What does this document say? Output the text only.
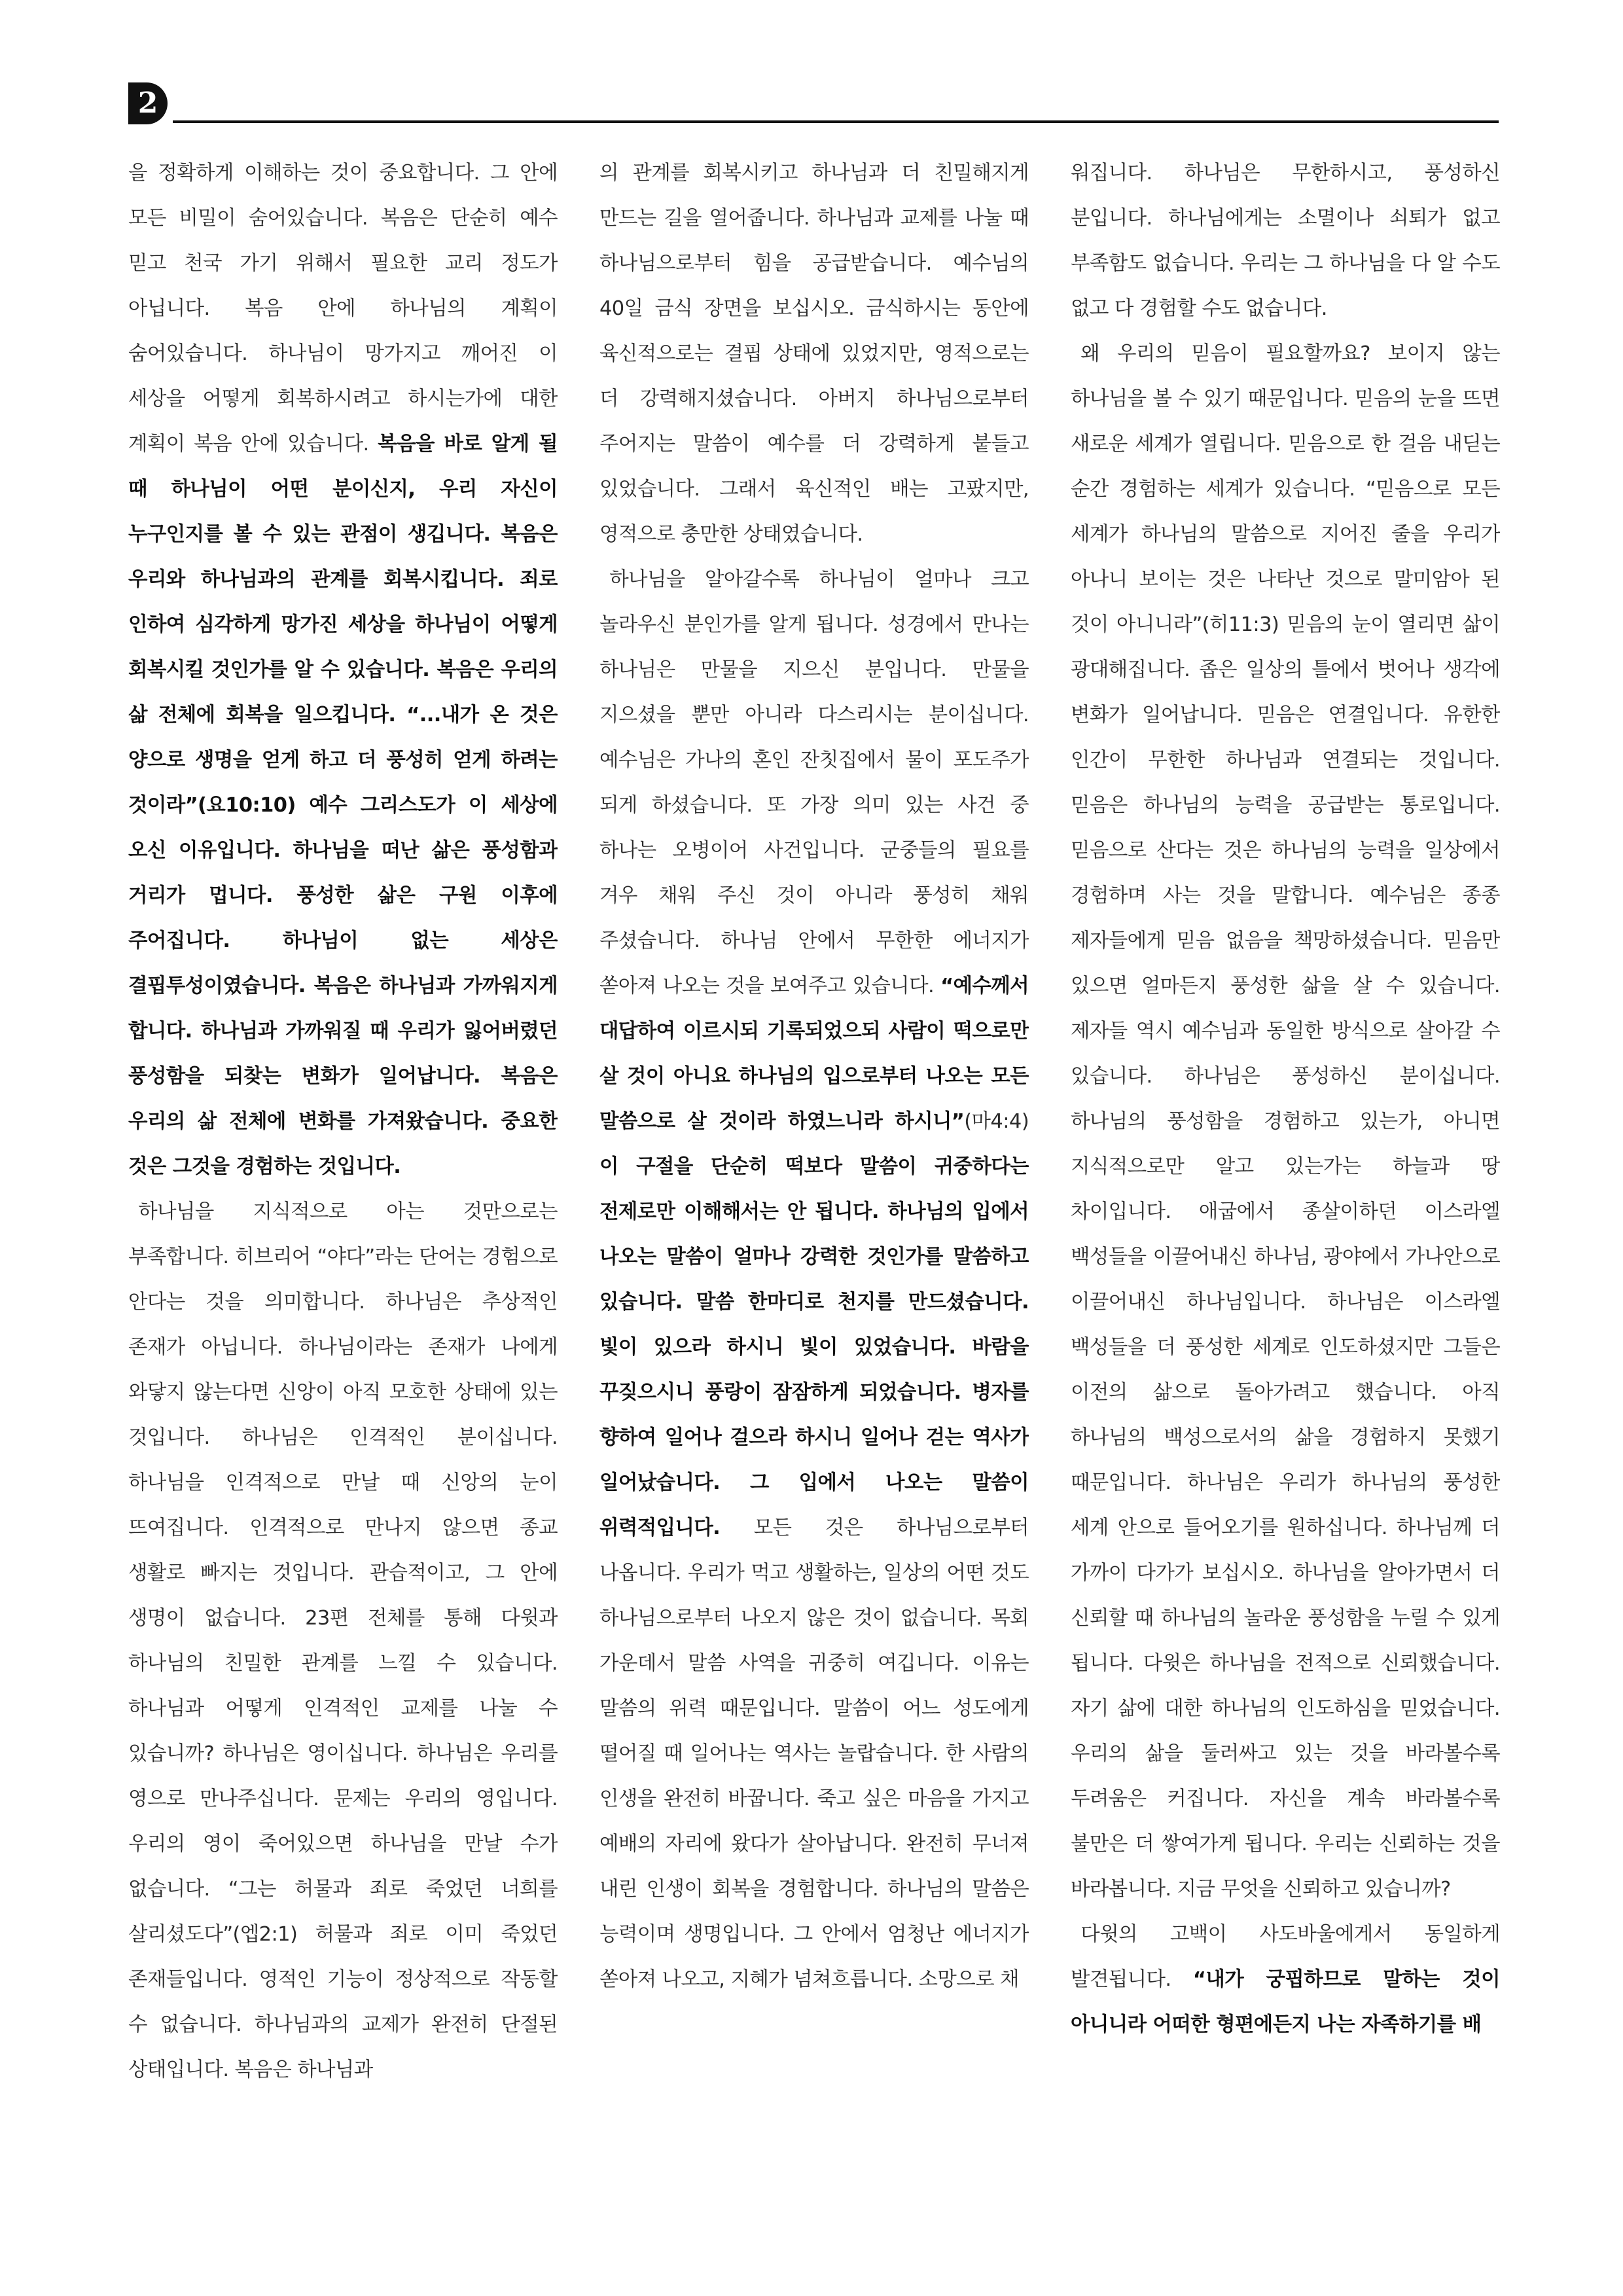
2

을 정확하게 이해하는 것이 중요합니다. 그 안에 모든 비밀이 숨어있습니다. 복음은 단순히 예수 믿고 천국 가기 위해서 필요한 교리 정도가 아닙니다. 복음 안에 하나님의 계획이 숨어있습니다. 하나님이 망가지고 깨어진 이 세상을 어떻게 회복하시려고 하시는가에 대한 계획이 복음 안에 있습니다. 복음을 바로 알게 될 때 하나님이 어떤 분이신지, 우리 자신이 누구인지를 볼 수 있는 관점이 생깁니다. 복음은 우리와 하나님과의 관계를 회복시킵니다. 죄로 인하여 심각하게 망가진 세상을 하나님이 어떻게 회복시킬 것인가를 알 수 있습니다. 복음은 우리의 삶 전체에 회복을 일으킵니다. “...내가 온 것은 양으로 생명을 얻게 하고 더 풍성히 얻게 하려는 것이라”(요10:10) 예수 그리스도가 이 세상에 오신 이유입니다. 하나님을 떠난 삶은 풍성함과 거리가 멉니다. 풍성한 삶은 구원 이후에 주어집니다. 하나님이 없는 세상은 결핍투성이였습니다. 복음은 하나님과 가까워지게 합니다. 하나님과 가까워질 때 우리가 잃어버렸던 풍성함을 되찾는 변화가 일어납니다. 복음은 우리의 삶 전체에 변화를 가져왔습니다. 중요한 것은 그것을 경험하는 것입니다.

하나님을 지식적으로 아는 것만으로는 부족합니다. 히브리어 “야다”라는 단어는 경험으로 안다는 것을 의미합니다. 하나님은 추상적인 존재가 아닙니다. 하나님이라는 존재가 나에게 와닿지 않는다면 신앙이 아직 모호한 상태에 있는 것입니다. 하나님은 인격적인 분이십니다. 하나님을 인격적으로 만날 때 신앙의 눈이 뜨여집니다. 인격적으로 만나지 않으면 종교 생활로 빠지는 것입니다. 관습적이고, 그 안에 생명이 없습니다. 23편 전체를 통해 다윗과 하나님의 친밀한 관계를 느낄 수 있습니다. 하나님과 어떻게 인격적인 교제를 나눌 수 있습니까? 하나님은 영이십니다. 하나님은 우리를 영으로 만나주십니다. 문제는 우리의 영입니다. 우리의 영이 죽어있으면 하나님을 만날 수가 없습니다. “그는 허물과 죄로 죽었던 너희를 살리셨도다”(엡2:1) 허물과 죄로 이미 죽었던 존재들입니다. 영적인 기능이 정상적으로 작동할 수 없습니다. 하나님과의 교제가 완전히 단절된 상태입니다. 복음은 하나님과

의 관계를 회복시키고 하나님과 더 친밀해지게 만드는 길을 열어줍니다. 하나님과 교제를 나눌 때 하나님으로부터 힘을 공급받습니다. 예수님의 40일 금식 장면을 보십시오. 금식하시는 동안에 육신적으로는 결핍 상태에 있었지만, 영적으로는 더 강력해지셨습니다. 아버지 하나님으로부터 주어지는 말씀이 예수를 더 강력하게 붙들고 있었습니다. 그래서 육신적인 배는 고팠지만, 영적으로 충만한 상태였습니다.

하나님을 알아갈수록 하나님이 얼마나 크고 놀라우신 분인가를 알게 됩니다. 성경에서 만나는 하나님은 만물을 지으신 분입니다. 만물을 지으셨을 뿐만 아니라 다스리시는 분이십니다. 예수님은 가나의 혼인 잔칫집에서 물이 포도주가 되게 하셨습니다. 또 가장 의미 있는 사건 중 하나는 오병이어 사건입니다. 군중들의 필요를 겨우 채워 주신 것이 아니라 풍성히 채워 주셨습니다. 하나님 안에서 무한한 에너지가 쏟아져 나오는 것을 보여주고 있습니다. “예수께서 대답하여 이르시되 기록되었으되 사람이 떡으로만 살 것이 아니요 하나님의 입으로부터 나오는 모든 말씀으로 살 것이라 하였느니라 하시니”(마4:4) 이 구절을 단순히 떡보다 말씀이 귀중하다는 전제로만 이해해서는 안 됩니다. 하나님의 입에서 나오는 말씀이 얼마나 강력한 것인가를 말씀하고 있습니다. 말씀 한마디로 천지를 만드셨습니다. 빛이 있으라 하시니 빛이 있었습니다. 바람을 꾸짖으시니 풍랑이 잠잠하게 되었습니다. 병자를 향하여 일어나 걸으라 하시니 일어나 걷는 역사가 일어났습니다. 그 입에서 나오는 말씀이 위력적입니다. 모든 것은 하나님으로부터 나옵니다. 우리가 먹고 생활하는, 일상의 어떤 것도 하나님으로부터 나오지 않은 것이 없습니다. 목회 가운데서 말씀 사역을 귀중히 여깁니다. 이유는 말씀의 위력 때문입니다. 말씀이 어느 성도에게 떨어질 때 일어나는 역사는 놀랍습니다. 한 사람의 인생을 완전히 바꿉니다. 죽고 싶은 마음을 가지고 예배의 자리에 왔다가 살아납니다. 완전히 무너져 내린 인생이 회복을 경험합니다. 하나님의 말씀은 능력이며 생명입니다. 그 안에서 엄청난 에너지가 쏟아져 나오고, 지혜가 넘쳐흐릅니다. 소망으로 채

워집니다. 하나님은 무한하시고, 풍성하신 분입니다. 하나님에게는 소멸이나 쇠퇴가 없고 부족함도 없습니다. 우리는 그 하나님을 다 알 수도 없고 다 경험할 수도 없습니다.

왜 우리의 믿음이 필요할까요? 보이지 않는 하나님을 볼 수 있기 때문입니다. 믿음의 눈을 뜨면 새로운 세계가 열립니다. 믿음으로 한 걸음 내딛는 순간 경험하는 세계가 있습니다. “믿음으로 모든 세계가 하나님의 말씀으로 지어진 줄을 우리가 아나니 보이는 것은 나타난 것으로 말미암아 된 것이 아니니라”(히11:3) 믿음의 눈이 열리면 삶이 광대해집니다. 좁은 일상의 틀에서 벗어나 생각에 변화가 일어납니다. 믿음은 연결입니다. 유한한 인간이 무한한 하나님과 연결되는 것입니다. 믿음은 하나님의 능력을 공급받는 통로입니다. 믿음으로 산다는 것은 하나님의 능력을 일상에서 경험하며 사는 것을 말합니다. 예수님은 종종 제자들에게 믿음 없음을 책망하셨습니다. 믿음만 있으면 얼마든지 풍성한 삶을 살 수 있습니다. 제자들 역시 예수님과 동일한 방식으로 살아갈 수 있습니다. 하나님은 풍성하신 분이십니다. 하나님의 풍성함을 경험하고 있는가, 아니면 지식적으로만 알고 있는가는 하늘과 땅 차이입니다. 애굽에서 종살이하던 이스라엘 백성들을 이끌어내신 하나님, 광야에서 가나안으로 이끌어내신 하나님입니다. 하나님은 이스라엘 백성들을 더 풍성한 세계로 인도하셨지만 그들은 이전의 삶으로 돌아가려고 했습니다. 아직 하나님의 백성으로서의 삶을 경험하지 못했기 때문입니다. 하나님은 우리가 하나님의 풍성한 세계 안으로 들어오기를 원하십니다. 하나님께 더 가까이 다가가 보십시오. 하나님을 알아가면서 더 신뢰할 때 하나님의 놀라운 풍성함을 누릴 수 있게 됩니다. 다윗은 하나님을 전적으로 신뢰했습니다. 자기 삶에 대한 하나님의 인도하심을 믿었습니다. 우리의 삶을 둘러싸고 있는 것을 바라볼수록 두려움은 커집니다. 자신을 계속 바라볼수록 불만은 더 쌓여가게 됩니다. 우리는 신뢰하는 것을 바라봅니다. 지금 무엇을 신뢰하고 있습니까?

다윗의 고백이 사도바울에게서 동일하게 발견됩니다. “내가 궁핍하므로 말하는 것이 아니니라 어떠한 형편에든지 나는 자족하기를 배
